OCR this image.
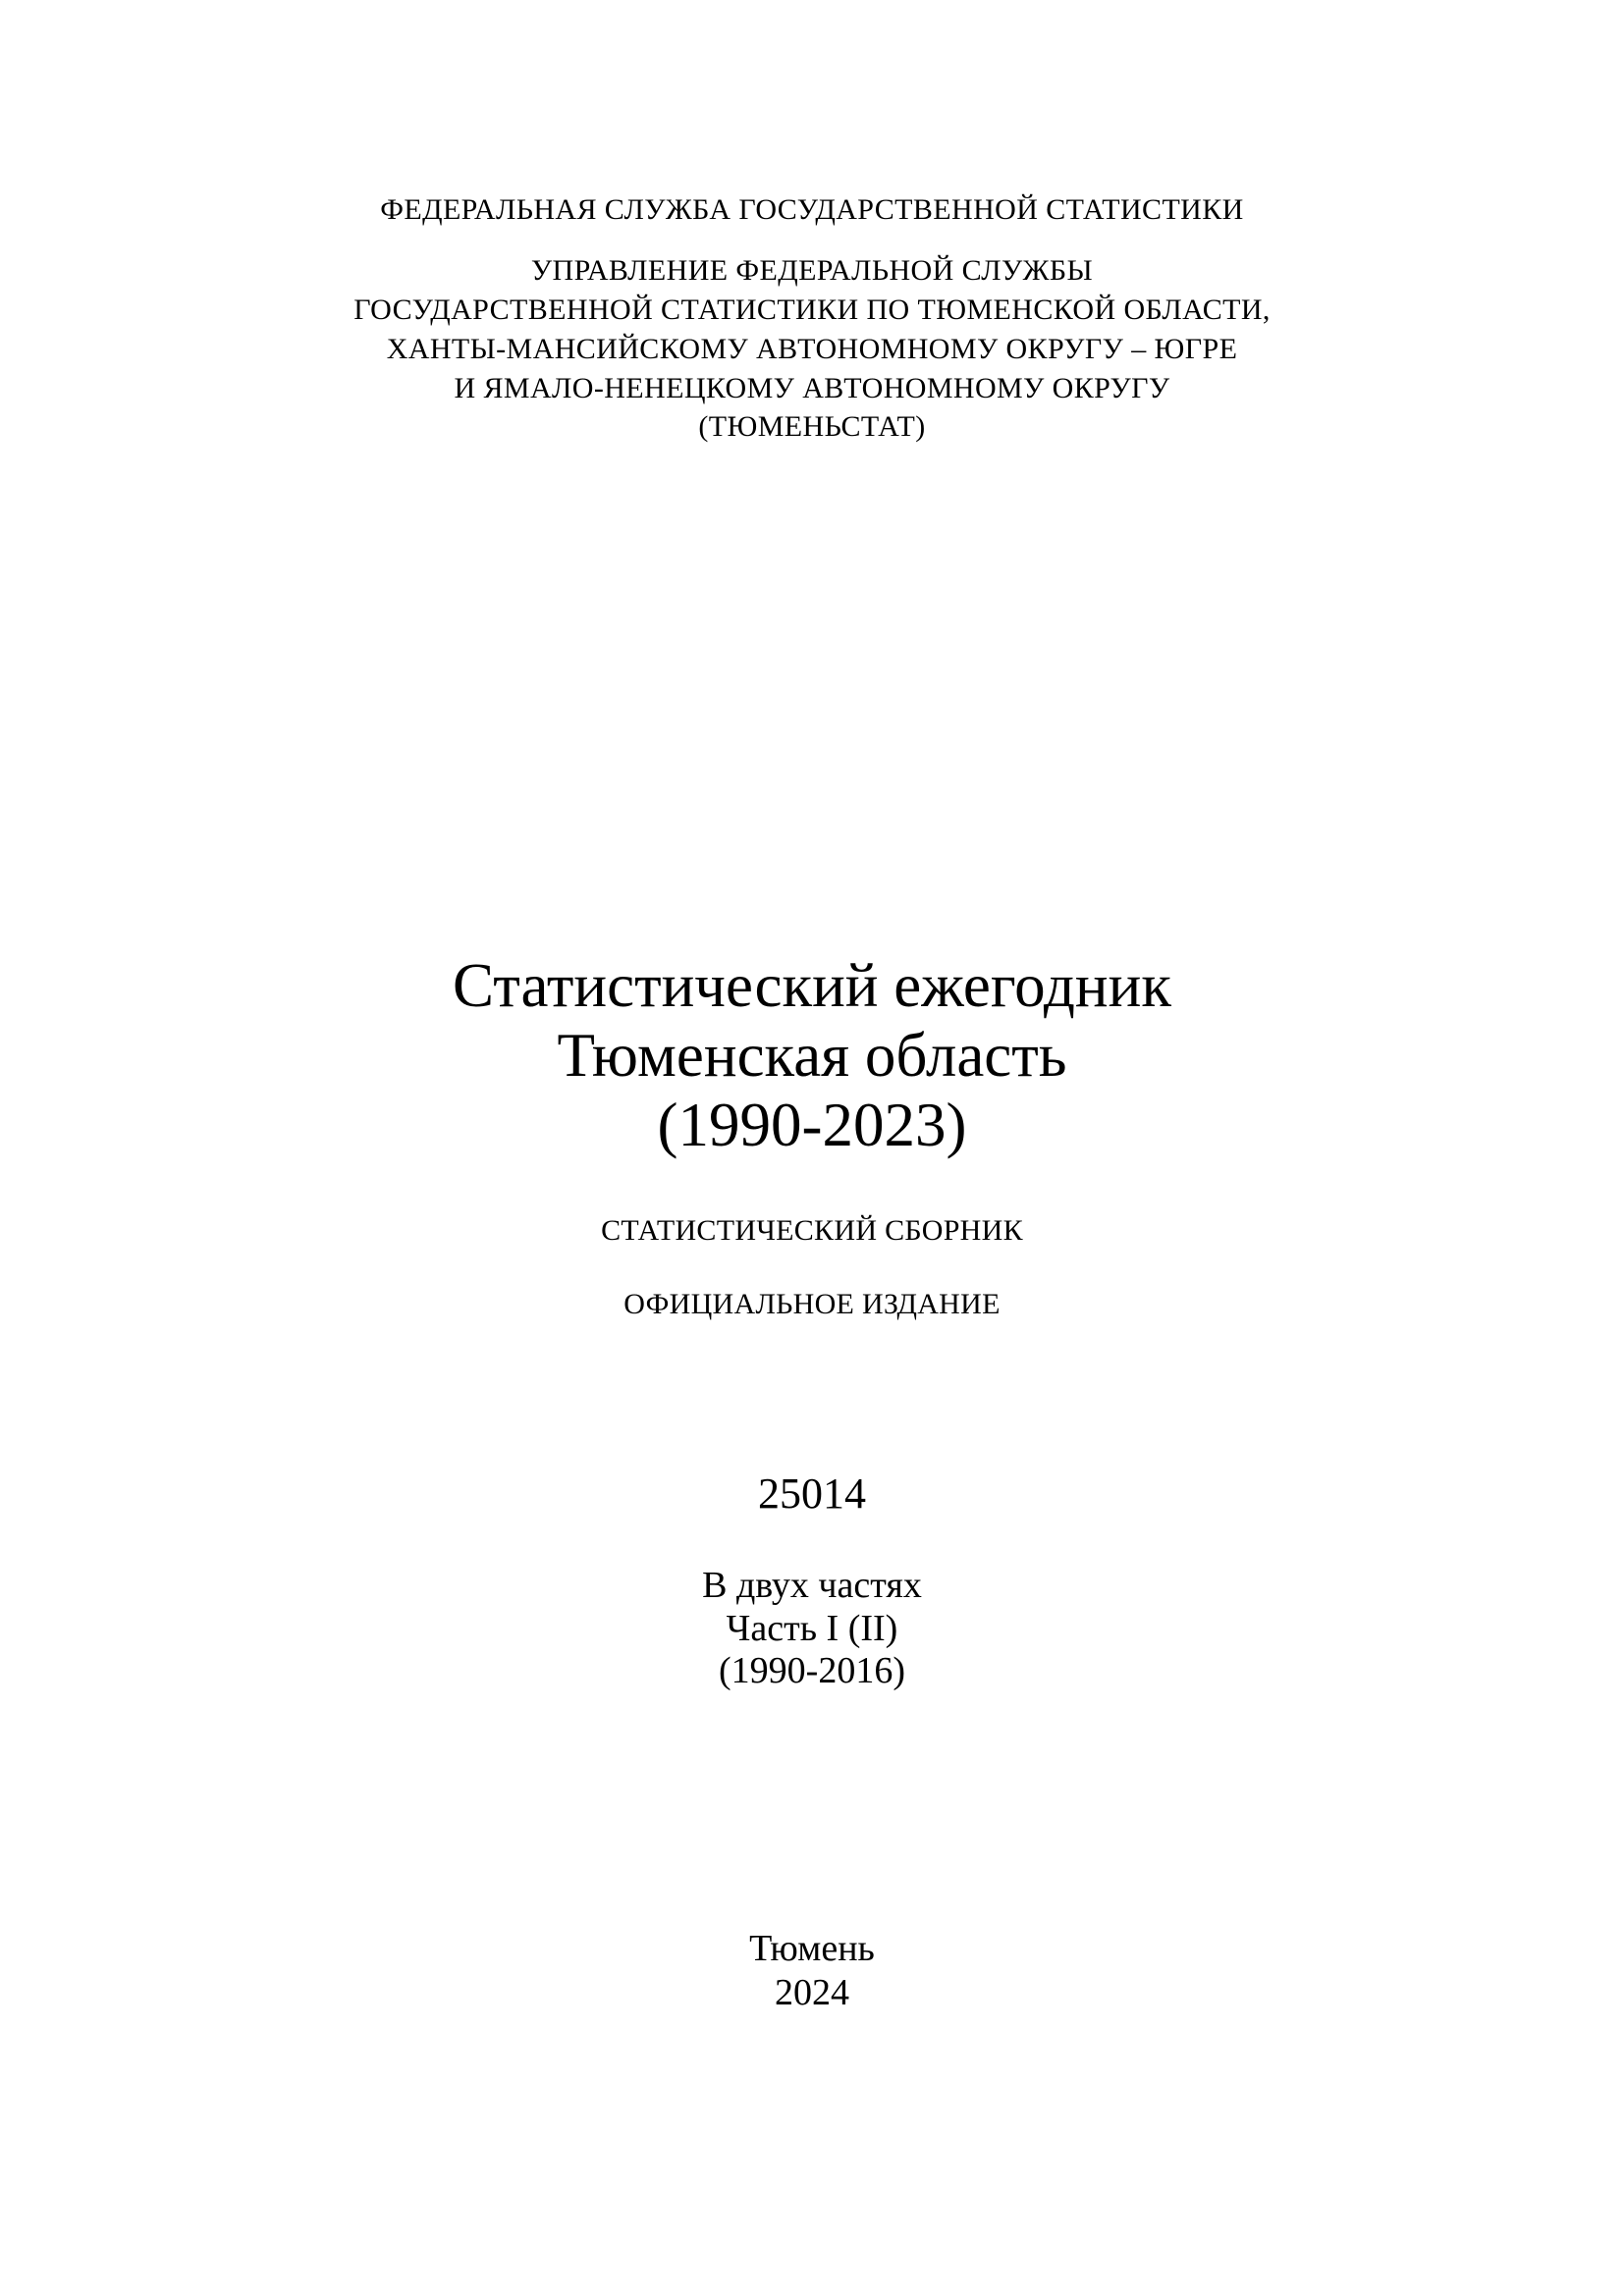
ФЕДЕРАЛЬНАЯ СЛУЖБА ГОСУДАРСТВЕННОЙ СТАТИСТИКИ
УПРАВЛЕНИЕ ФЕДЕРАЛЬНОЙ СЛУЖБЫ
ГОСУДАРСТВЕННОЙ СТАТИСТИКИ ПО ТЮМЕНСКОЙ ОБЛАСТИ,
ХАНТЫ-МАНСИЙСКОМУ АВТОНОМНОМУ ОКРУГУ – ЮГРЕ
И ЯМАЛО-НЕНЕЦКОМУ АВТОНОМНОМУ ОКРУГУ
(ТЮМЕНЬСТАТ)
Статистический ежегодник
Тюменская область
(1990-2023)
СТАТИСТИЧЕСКИЙ СБОРНИК
ОФИЦИАЛЬНОЕ ИЗДАНИЕ
25014
В двух частях
Часть I (II)
(1990-2016)
Тюмень
2024
